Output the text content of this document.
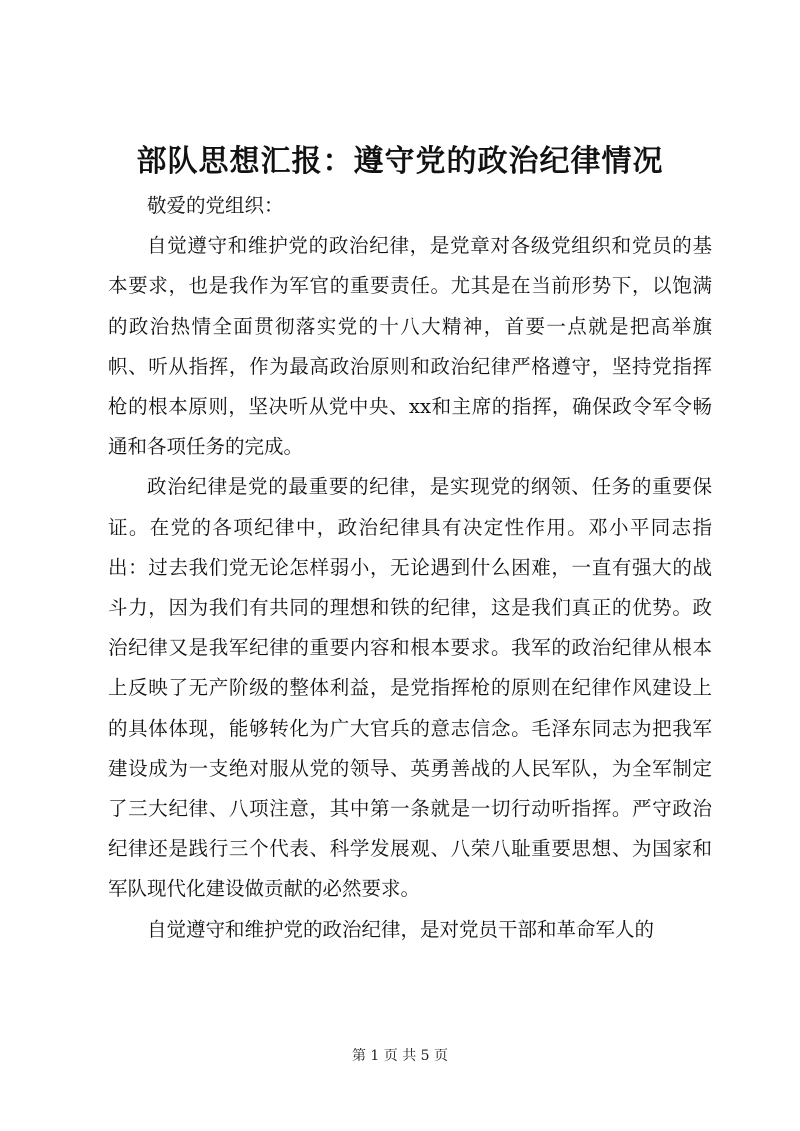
部队思想汇报：遵守党的政治纪律情况

敬爱的党组织：

自觉遵守和维护党的政治纪律，是党章对各级党组织和党员的基本要求，也是我作为军官的重要责任。尤其是在当前形势下，以饱满的政治热情全面贯彻落实党的十八大精神，首要一点就是把高举旗帜、听从指挥，作为最高政治原则和政治纪律严格遵守，坚持党指挥枪的根本原则，坚决听从党中央、xx和主席的指挥，确保政令军令畅通和各项任务的完成。

政治纪律是党的最重要的纪律，是实现党的纲领、任务的重要保证。在党的各项纪律中，政治纪律具有决定性作用。邓小平同志指出：过去我们党无论怎样弱小，无论遇到什么困难，一直有强大的战斗力，因为我们有共同的理想和铁的纪律，这是我们真正的优势。政治纪律又是我军纪律的重要内容和根本要求。我军的政治纪律从根本上反映了无产阶级的整体利益，是党指挥枪的原则在纪律作风建设上的具体体现，能够转化为广大官兵的意志信念。毛泽东同志为把我军建设成为一支绝对服从党的领导、英勇善战的人民军队，为全军制定了三大纪律、八项注意，其中第一条就是一切行动听指挥。严守政治纪律还是践行三个代表、科学发展观、八荣八耻重要思想、为国家和军队现代化建设做贡献的必然要求。

自觉遵守和维护党的政治纪律，是对党员干部和革命军人的

第 1 页 共 5 页
